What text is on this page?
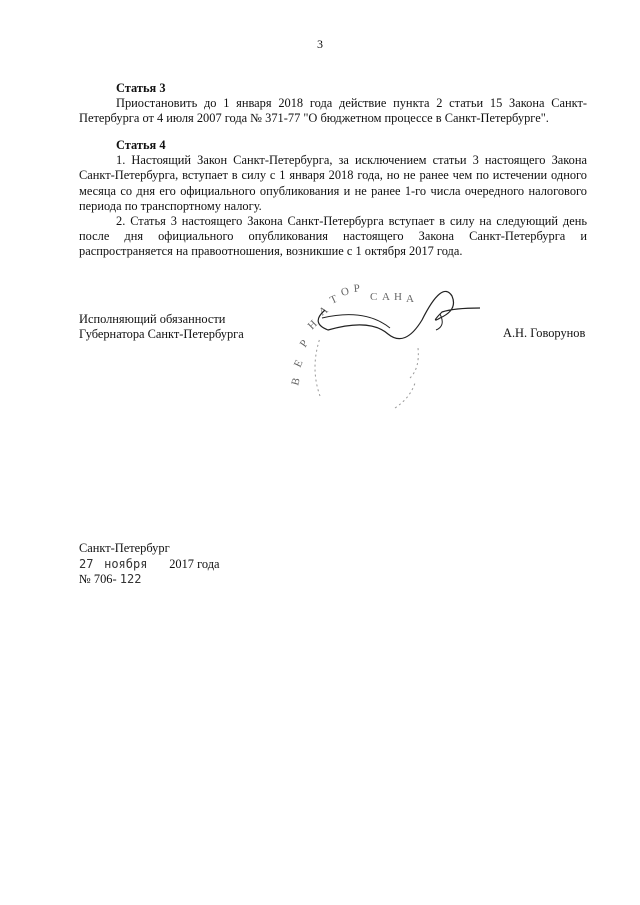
3
Статья 3

Приостановить до 1 января 2018 года действие пункта 2 статьи 15 Закона Санкт-Петербурга от 4 июля 2007 года № 371-77 "О бюджетном процессе в Санкт-Петербурге".

Статья 4

1. Настоящий Закон Санкт-Петербурга, за исключением статьи 3 настоящего Закона Санкт-Петербурга, вступает в силу с 1 января 2018 года, но не ранее чем по истечении одного месяца со дня его официального опубликования и не ранее 1-го числа очередного налогового периода по транспортному налогу.

2. Статья 3 настоящего Закона Санкт-Петербурга вступает в силу на следующий день после дня официального опубликования настоящего Закона Санкт-Петербурга и распространяется на правоотношения, возникшие с 1 октября 2017 года.

Исполняющий обязанности
Губернатора Санкт-Петербурга
В
Е
Р
Н
А
Т
О Р
С А Н А
А.Н. Говорунов
Санкт-Петербург
27 ноября 2017 года
№ 706- 122
